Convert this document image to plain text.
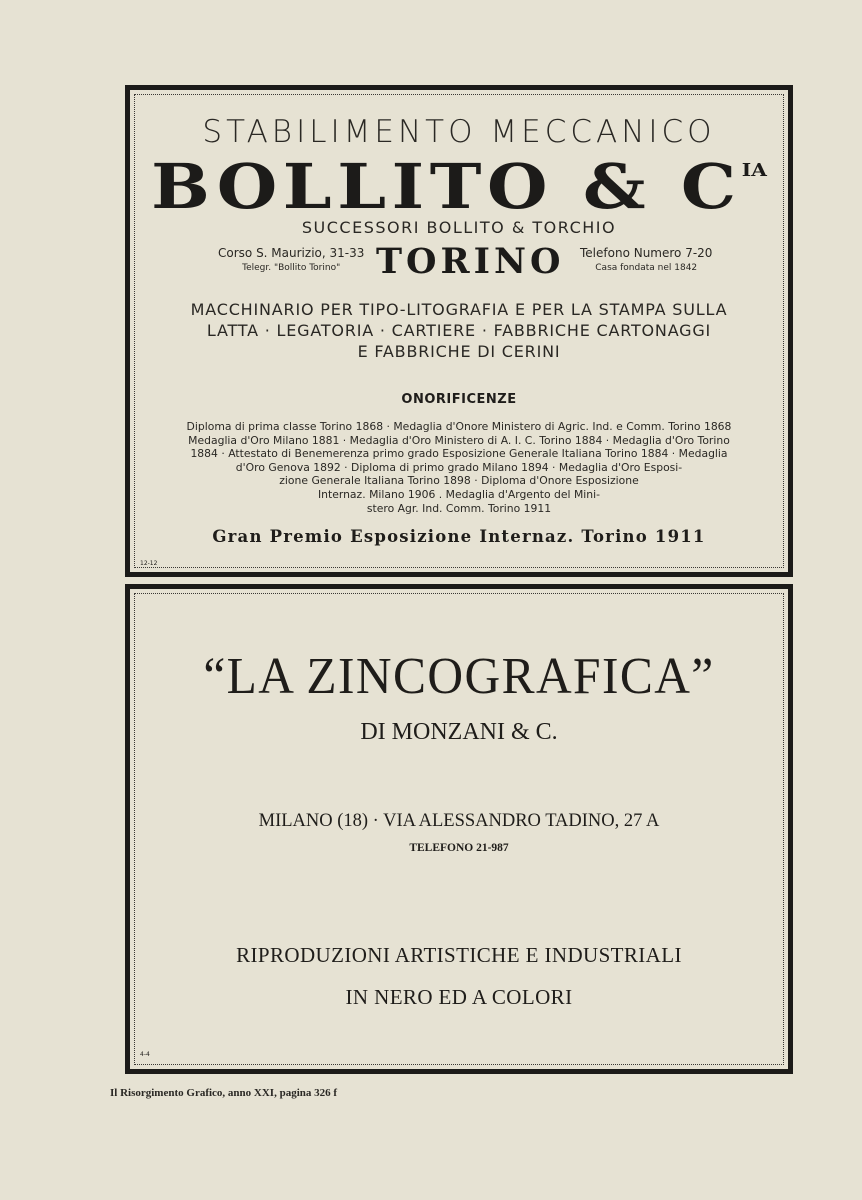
STABILIMENTO MECCANICO
BOLLITO & $C^{IA}$
SUCCESSORI BOLLITO & TORCHIO
Corso S. Maurizio, 31-33
Telegr. "Bollito Torino"	TORINO Telefono Numero 7-20
Casa fondata nel 1842
MACCHINARIO PER TIPO-LITOGRAFIA E PER LA STAMPA SULLA
LATTA · LEGATORIA · CARTIERE · FABBRICHE CARTONAGGI
E FABBRICHE DI CERINI
ONORIFICENZE
Diploma di prima classe Torino 1868 · Medaglia d'Onore Ministero di Agric. Ind. e Comm. Torino 1868
Medaglia d'Oro Milano 1881 · Medaglia d'Oro Ministero di A. I. C. Torino 1884 · Medaglia d'Oro Torino
1884 · Attestato di Benemerenza primo grado Esposizione Generale Italiana Torino 1884 · Medaglia
d'Oro Genova 1892 · Diploma di primo grado Milano 1894 · Medaglia d'Oro Esposi-
zione Generale Italiana Torino 1898 · Diploma d'Onore Esposizione
Internaz. Milano 1906 . Medaglia d'Argento del Mini-
stero Agr. Ind. Comm. Torino 1911
Gran Premio Esposizione Internaz. Torino 1911
12-12
“LA ZINCOGRAFICA”
DI MONZANI & C.
MILANO (18) · VIA ALESSANDRO TADINO, 27 A
TELEFONO 21-987
RIPRODUZIONI ARTISTICHE E INDUSTRIALI
IN NERO ED A COLORI
4-4
Il Risorgimento Grafico, anno XXI, pagina 326 f
